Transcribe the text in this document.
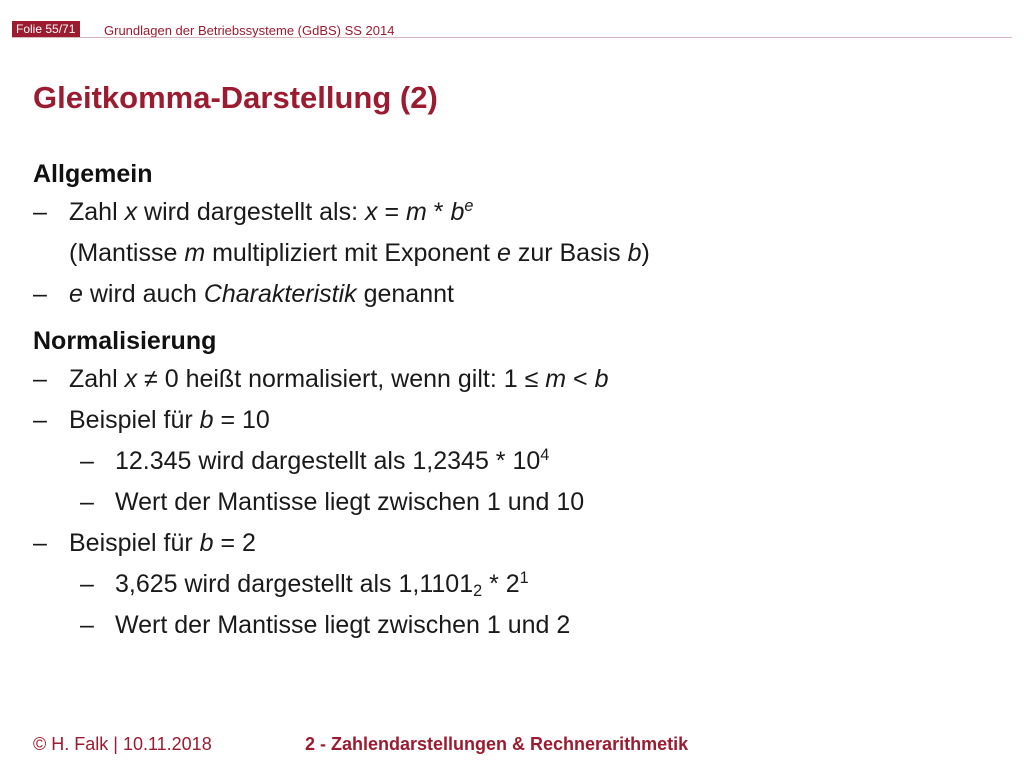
Folie 55/71	Grundlagen der Betriebssysteme (GdBS) SS 2014
Gleitkomma-Darstellung (2)
Allgemein
– Zahl x wird dargestellt als: $x = m * b^e$
(Mantisse m multipliziert mit Exponent e zur Basis b)
– e wird auch Charakteristik genannt
Normalisierung
– Zahl x ≠ 0 heißt normalisiert, wenn gilt: 1 ≤ m < b
– Beispiel für b = 10
– 12.345 wird dargestellt als $1,2345 * 10^4$
– Wert der Mantisse liegt zwischen 1 und 10
– Beispiel für b = 2
– 3,625 wird dargestellt als $1,1101_2 * 2^1$
– Wert der Mantisse liegt zwischen 1 und 2
© H. Falk | 10.11.2018	2 - Zahlendarstellungen & Rechnerarithmetik
